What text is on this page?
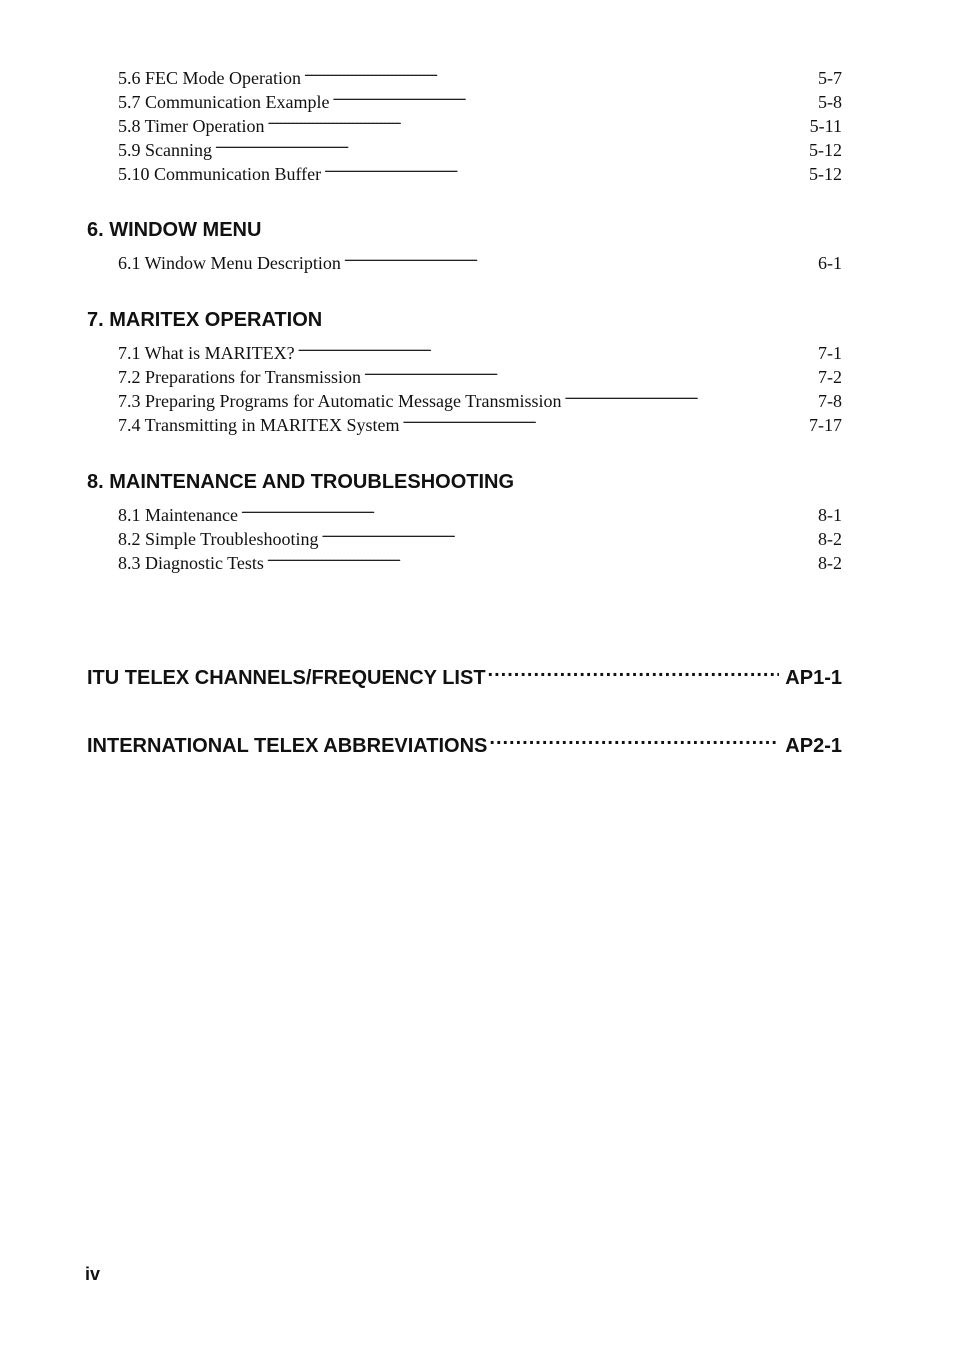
5.6 FEC Mode Operation . . .	5-7
5.7 Communication Example . . .	5-8
5.8 Timer Operation . . .	5-11
5.9 Scanning . . .	5-12
5.10 Communication Buffer . . .	5-12
6. WINDOW MENU
6.1 Window Menu Description . . .	6-1
7. MARITEX OPERATION
7.1 What is MARITEX? . . .	7-1
7.2 Preparations for Transmission . . .	7-2
7.3 Preparing Programs for Automatic Message Transmission . . .	7-8
7.4 Transmitting in MARITEX System . . .	7-17
8. MAINTENANCE AND TROUBLESHOOTING
8.1 Maintenance . . .	8-1
8.2 Simple Troubleshooting . . .	8-2
8.3 Diagnostic Tests . . .	8-2
ITU TELEX CHANNELS/FREQUENCY LIST .....	AP1-1
INTERNATIONAL TELEX ABBREVIATIONS .....	AP2-1
iv
